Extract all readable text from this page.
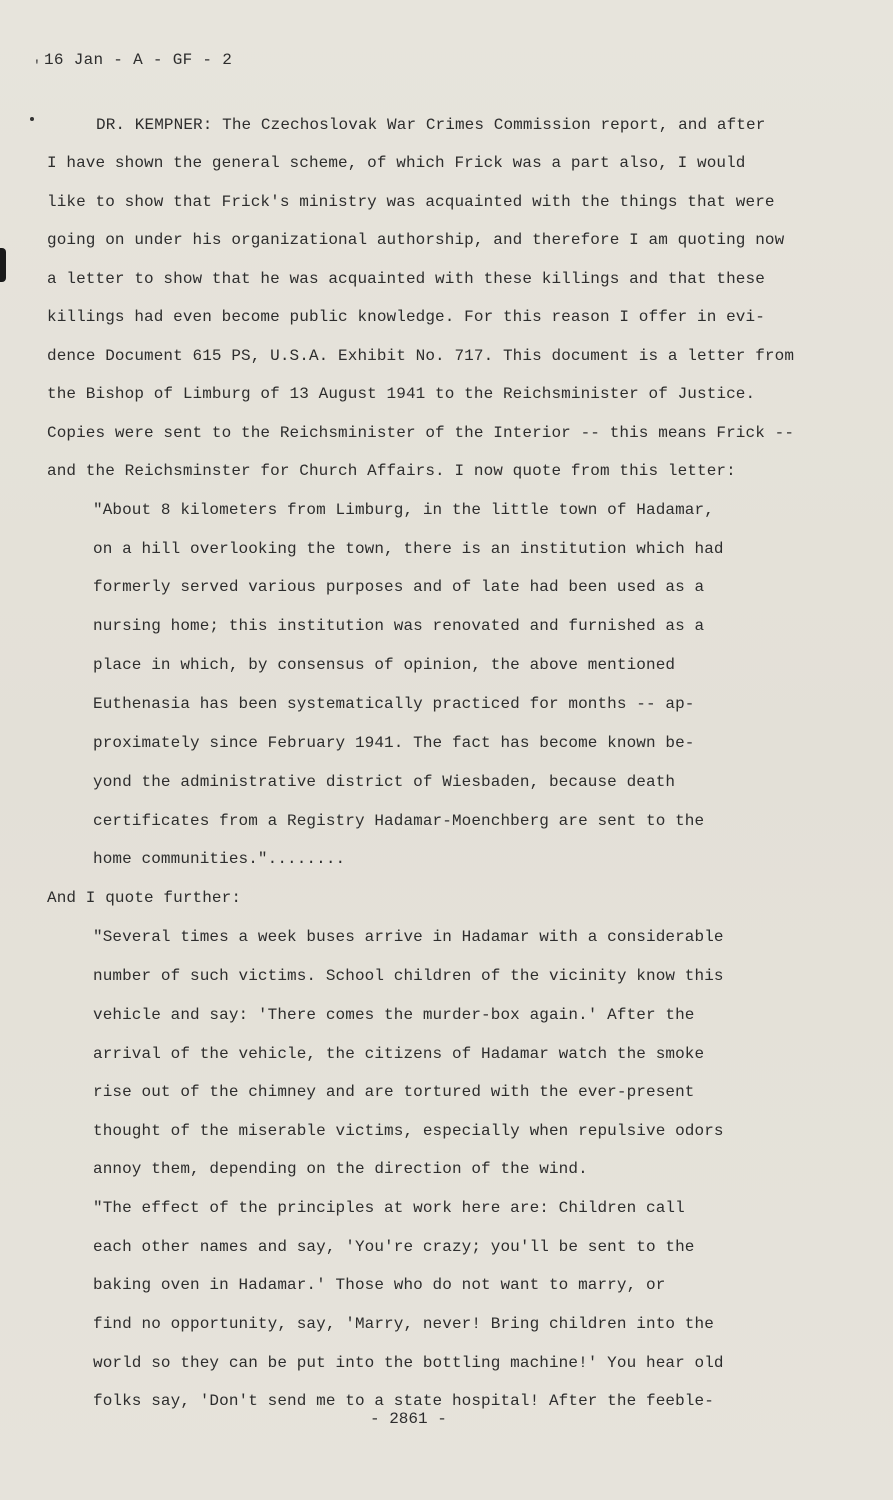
' 16 Jan - A - GF - 2
DR. KEMPNER: The Czechoslovak War Crimes Commission report, and after
I have shown the general scheme, of which Frick was a part also, I would
like to show that Frick's ministry was acquainted with the things that were
going on under his organizational authorship, and therefore I am quoting now
a letter to show that he was acquainted with these killings and that these
killings had even become public knowledge. For this reason I offer in evi-
dence Document 615 PS, U.S.A. Exhibit No. 717. This document is a letter from
the Bishop of Limburg of 13 August 1941 to the Reichsminister of Justice.
Copies were sent to the Reichsminister of the Interior -- this means Frick --
and the Reichsminster for Church Affairs. I now quote from this letter:
"About 8 kilometers from Limburg, in the little town of Hadamar,
on a hill overlooking the town, there is an institution which had
formerly served various purposes and of late had been used as a
nursing home; this institution was renovated and furnished as a
place in which, by consensus of opinion, the above mentioned
Euthenasia has been systematically practiced for months -- ap-
proximately since February 1941. The fact has become known be-
yond the administrative district of Wiesbaden, because death
certificates from a Registry Hadamar-Moenchberg are sent to the
home communities."........
And I quote further:
"Several times a week buses arrive in Hadamar with a considerable
number of such victims. School children of the vicinity know this
vehicle and say: 'There comes the murder-box again.' After the
arrival of the vehicle, the citizens of Hadamar watch the smoke
rise out of the chimney and are tortured with the ever-present
thought of the miserable victims, especially when repulsive odors
annoy them, depending on the direction of the wind.
"The effect of the principles at work here are: Children call
each other names and say, 'You're crazy; you'll be sent to the
baking oven in Hadamar.' Those who do not want to marry, or
find no opportunity, say, 'Marry, never! Bring children into the
world so they can be put into the bottling machine!' You hear old
folks say, 'Don't send me to a state hospital! After the feeble-
- 2861 -
